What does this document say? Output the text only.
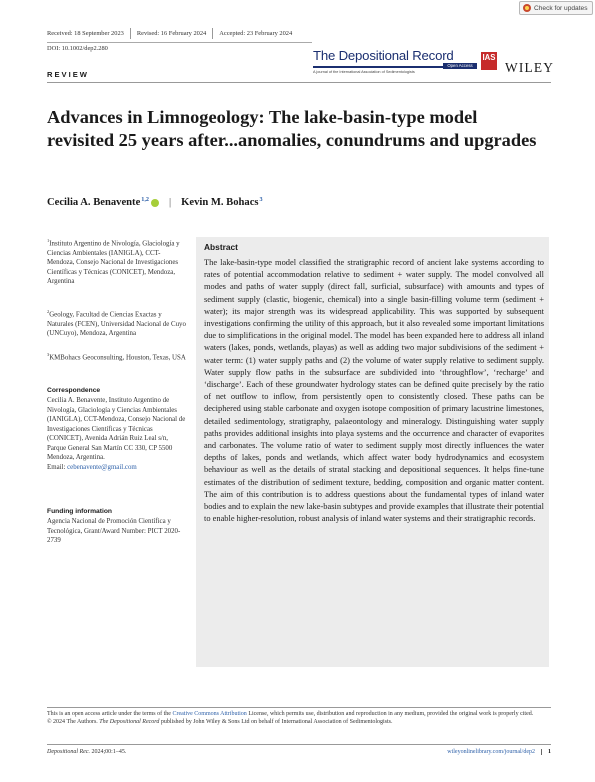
Check for updates
Received: 18 September 2023 Revised: 16 February 2024 Accepted: 23 February 2024
DOI: 10.1002/dep2.280	The Depositional Record
Open Access
A journal of the International Association of Sedimentologists
IAS
WILEY
REVIEW
Advances in Limnogeology: The lake-basin-type model revisited 25 years after...anomalies, conundrums and upgrades
Cecilia A. Benavente$^{1,2}$ | Kevin M. Bohacs$^3$
$^1$Instituto Argentino de Nivología, Glaciología y Ciencias Ambientales (IANIGLA), CCT-Mendoza, Consejo Nacional de Investigaciones Científicas y Técnicas (CONICET), Mendoza, Argentina
$^2$Geology, Facultad de Ciencias Exactas y Naturales (FCEN), Universidad Nacional de Cuyo (UNCuyo), Mendoza, Argentina
$^3$KMBohacs Geoconsulting, Houston, Texas, USA
Correspondence
Cecilia A. Benavente, Instituto Argentino de Nivología, Glaciología y Ciencias Ambientales (IANIGLA), CCT-Mendoza, Consejo Nacional de Investigaciones Científicas y Técnicas (CONICET), Avenida Adrián Ruiz Leal s/n, Parque General San Martín CC 330, CP 5500 Mendoza, Argentina.
Email: cebenavente@gmail.com
Funding information
Agencia Nacional de Promoción Científica y Tecnológica, Grant/Award Number: PICT 2020-2739
Abstract
The lake-basin-type model classified the stratigraphic record of ancient lake systems according to rates of potential accommodation relative to sediment + water supply. The model convolved all modes and paths of water supply (direct fall, surficial, subsurface) with amounts and types of sediment supply (clastic, biogenic, chemical) into a single basin-filling volume term (sediment + water); its major strength was its widespread applicability. This was supported by subsequent investigations confirming the utility of this approach, but it also revealed some important limitations due to simplifications in the original model. The model has been expanded here to address all inland waters (lakes, ponds, wetlands, playas) as well as adding two major subdivisions of the sediment + water term: (1) water supply paths and (2) the volume of water supply relative to sediment supply. Water supply flow paths in the subsurface are subdivided into ‘throughflow’, ‘recharge’ and ‘discharge’. Each of these groundwater hydrology states can be defined quite precisely by the ratio of net outflow to inflow, from persistently open to consistently closed. These paths can be deciphered using stable carbonate and oxygen isotope composition of primary lacustrine limestones, detailed sedimentology, stratigraphy, palaeontology and mineralogy. Distinguishing water supply paths provides additional insights into playa systems and the occurrence and character of evaporites and carbonates. The volume ratio of water to sediment supply most directly influences the water depths of lakes, ponds and wetlands, which affect water body hydrodynamics and ecosystem behaviour as well as the details of stratal stacking and depositional sequences. It helps fine-tune estimates of the distribution of sediment texture, bedding, composition and organic matter content. The aim of this contribution is to address questions about the fundamental types of inland water bodies and to explain the new lake-basin subtypes and provide examples that illustrate their potential to enable higher-resolution, robust analysis of inland water systems and their stratigraphic records.
This is an open access article under the terms of the Creative Commons Attribution License, which permits use, distribution and reproduction in any medium, provided the original work is properly cited.
© 2024 The Authors. The Depositional Record published by John Wiley & Sons Ltd on behalf of International Association of Sedimentologists.
Depositional Rec. 2024;00:1–45.	wileyonlinelibrary.com/journal/dep2 1
